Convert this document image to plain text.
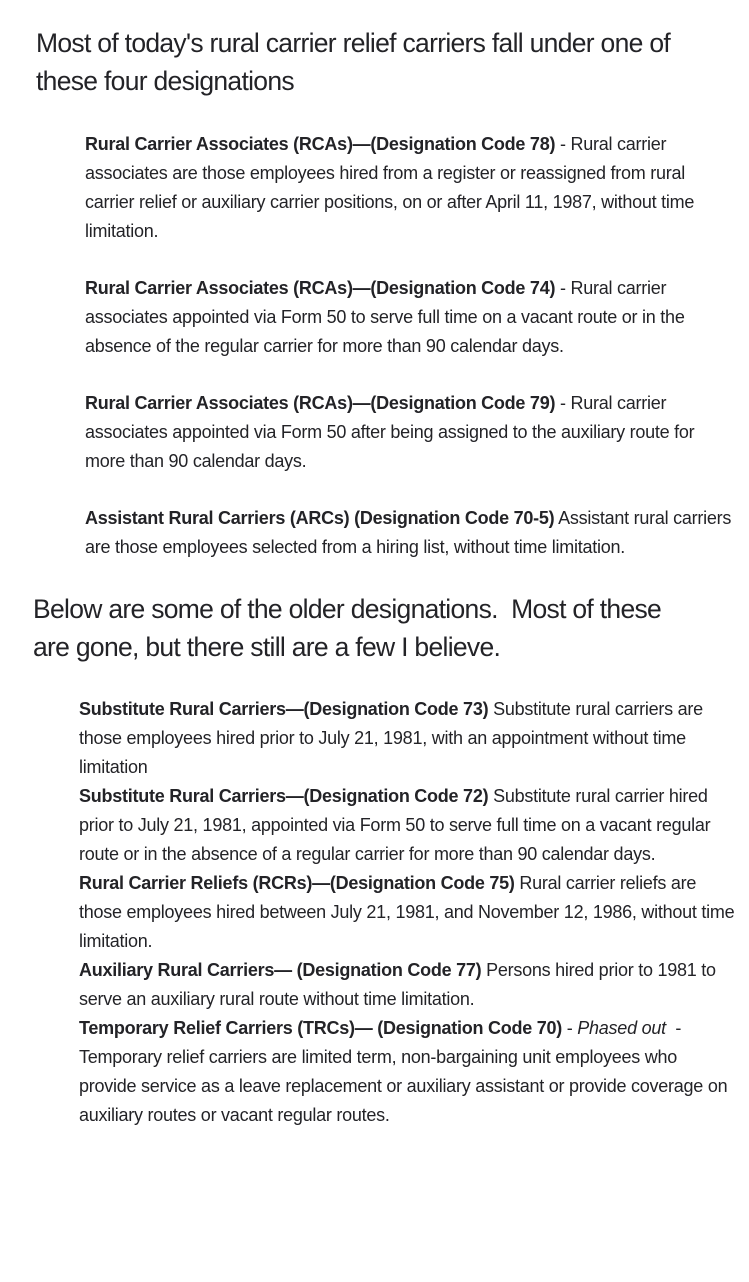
Most of today's rural carrier relief carriers fall under one of these four designations

Rural Carrier Associates (RCAs)—(Designation Code 78) - Rural carrier associates are those employees hired from a register or reassigned from rural carrier relief or auxiliary carrier positions, on or after April 11, 1987, without time limitation.

Rural Carrier Associates (RCAs)—(Designation Code 74) - Rural carrier associates appointed via Form 50 to serve full time on a vacant route or in the absence of the regular carrier for more than 90 calendar days.

Rural Carrier Associates (RCAs)—(Designation Code 79) - Rural carrier associates appointed via Form 50 after being assigned to the auxiliary route for more than 90 calendar days.

Assistant Rural Carriers (ARCs) (Designation Code 70-5) Assistant rural carriers are those employees selected from a hiring list, without time limitation.

Below are some of the older designations.  Most of these are gone, but there still are a few I believe.

Substitute Rural Carriers—(Designation Code 73) Substitute rural carriers are those employees hired prior to July 21, 1981, with an appointment without time limitation

Substitute Rural Carriers—(Designation Code 72) Substitute rural carrier hired prior to July 21, 1981, appointed via Form 50 to serve full time on a vacant regular route or in the absence of a regular carrier for more than 90 calendar days.

Rural Carrier Reliefs (RCRs)—(Designation Code 75) Rural carrier reliefs are those employees hired between July 21, 1981, and November 12, 1986, without time limitation.

Auxiliary Rural Carriers— (Designation Code 77) Persons hired prior to 1981 to serve an auxiliary rural route without time limitation.

Temporary Relief Carriers (TRCs)— (Designation Code 70) - Phased out  - Temporary relief carriers are limited term, non-bargaining unit employees who provide service as a leave replacement or auxiliary assistant or provide coverage on auxiliary routes or vacant regular routes.
